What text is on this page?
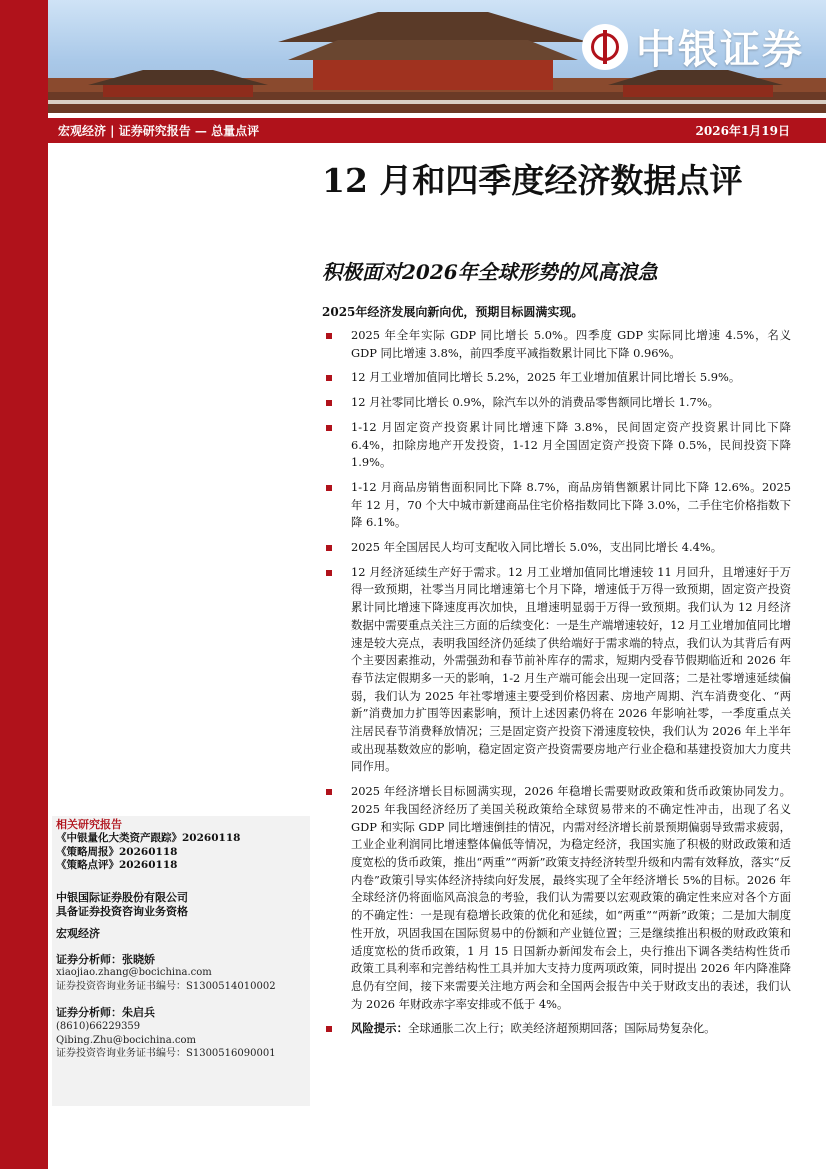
中银证券
宏观经济 | 证券研究报告 — 总量点评	2026年1月19日
12 月和四季度经济数据点评
积极面对2026年全球形势的风高浪急

2025年经济发展向新向优，预期目标圆满实现。

2025 年全年实际 GDP 同比增长 5.0%。四季度 GDP 实际同比增速 4.5%，名义 GDP 同比增速 3.8%，前四季度平减指数累计同比下降 0.96%。
12 月工业增加值同比增长 5.2%，2025 年工业增加值累计同比增长 5.9%。
12 月社零同比增长 0.9%，除汽车以外的消费品零售额同比增长 1.7%。
1-12 月固定资产投资累计同比增速下降 3.8%，民间固定资产投资累计同比下降 6.4%，扣除房地产开发投资，1-12 月全国固定资产投资下降 0.5%，民间投资下降 1.9%。
1-12 月商品房销售面积同比下降 8.7%，商品房销售额累计同比下降 12.6%。2025 年 12 月，70 个大中城市新建商品住宅价格指数同比下降 3.0%，二手住宅价格指数下降 6.1%。
2025 年全国居民人均可支配收入同比增长 5.0%，支出同比增长 4.4%。
12 月经济延续生产好于需求。12 月工业增加值同比增速较 11 月回升，且增速好于万得一致预期，社零当月同比增速第七个月下降，增速低于万得一致预期，固定资产投资累计同比增速下降速度再次加快，且增速明显弱于万得一致预期。我们认为 12 月经济数据中需要重点关注三方面的后续变化：一是生产端增速较好，12 月工业增加值同比增速是较大亮点，表明我国经济仍延续了供给端好于需求端的特点，我们认为其背后有两个主要因素推动，外需强劲和春节前补库存的需求，短期内受春节假期临近和 2026 年春节法定假期多一天的影响，1-2 月生产端可能会出现一定回落；二是社零增速延续偏弱，我们认为 2025 年社零增速主要受到价格因素、房地产周期、汽车消费变化、“两新”消费加力扩围等因素影响，预计上述因素仍将在 2026 年影响社零，一季度重点关注居民春节消费释放情况；三是固定资产投资下滑速度较快，我们认为 2026 年上半年或出现基数效应的影响，稳定固定资产投资需要房地产行业企稳和基建投资加大力度共同作用。
2025 年经济增长目标圆满实现，2026 年稳增长需要财政政策和货币政策协同发力。2025 年我国经济经历了美国关税政策给全球贸易带来的不确定性冲击，出现了名义 GDP 和实际 GDP 同比增速倒挂的情况，内需对经济增长前景预期偏弱导致需求疲弱，工业企业利润同比增速整体偏低等情况，为稳定经济，我国实施了积极的财政政策和适度宽松的货币政策，推出“两重”“两新”政策支持经济转型升级和内需有效释放，落实“反内卷”政策引导实体经济持续向好发展，最终实现了全年经济增长 5%的目标。2026 年全球经济仍将面临风高浪急的考验，我们认为需要以宏观政策的确定性来应对各个方面的不确定性：一是现有稳增长政策的优化和延续，如“两重”“两新”政策；二是加大制度性开放，巩固我国在国际贸易中的份额和产业链位置；三是继续推出积极的财政政策和适度宽松的货币政策，1 月 15 日国新办新闻发布会上，央行推出下调各类结构性货币政策工具利率和完善结构性工具并加大支持力度两项政策，同时提出 2026 年内降准降息仍有空间，接下来需要关注地方两会和全国两会报告中关于财政支出的表述，我们认为 2026 年财政赤字率安排或不低于 4%。
风险提示：全球通胀二次上行；欧美经济超预期回落；国际局势复杂化。

相关研究报告

《中银量化大类资产跟踪》20260118

《策略周报》20260118

《策略点评》20260118

中银国际证券股份有限公司

具备证券投资咨询业务资格

宏观经济

证券分析师：张晓娇

xiaojiao.zhang@bocichina.com

证券投资咨询业务证书编号：S1300514010002

证券分析师：朱启兵

(8610)66229359

Qibing.Zhu@bocichina.com

证券投资咨询业务证书编号：S1300516090001
